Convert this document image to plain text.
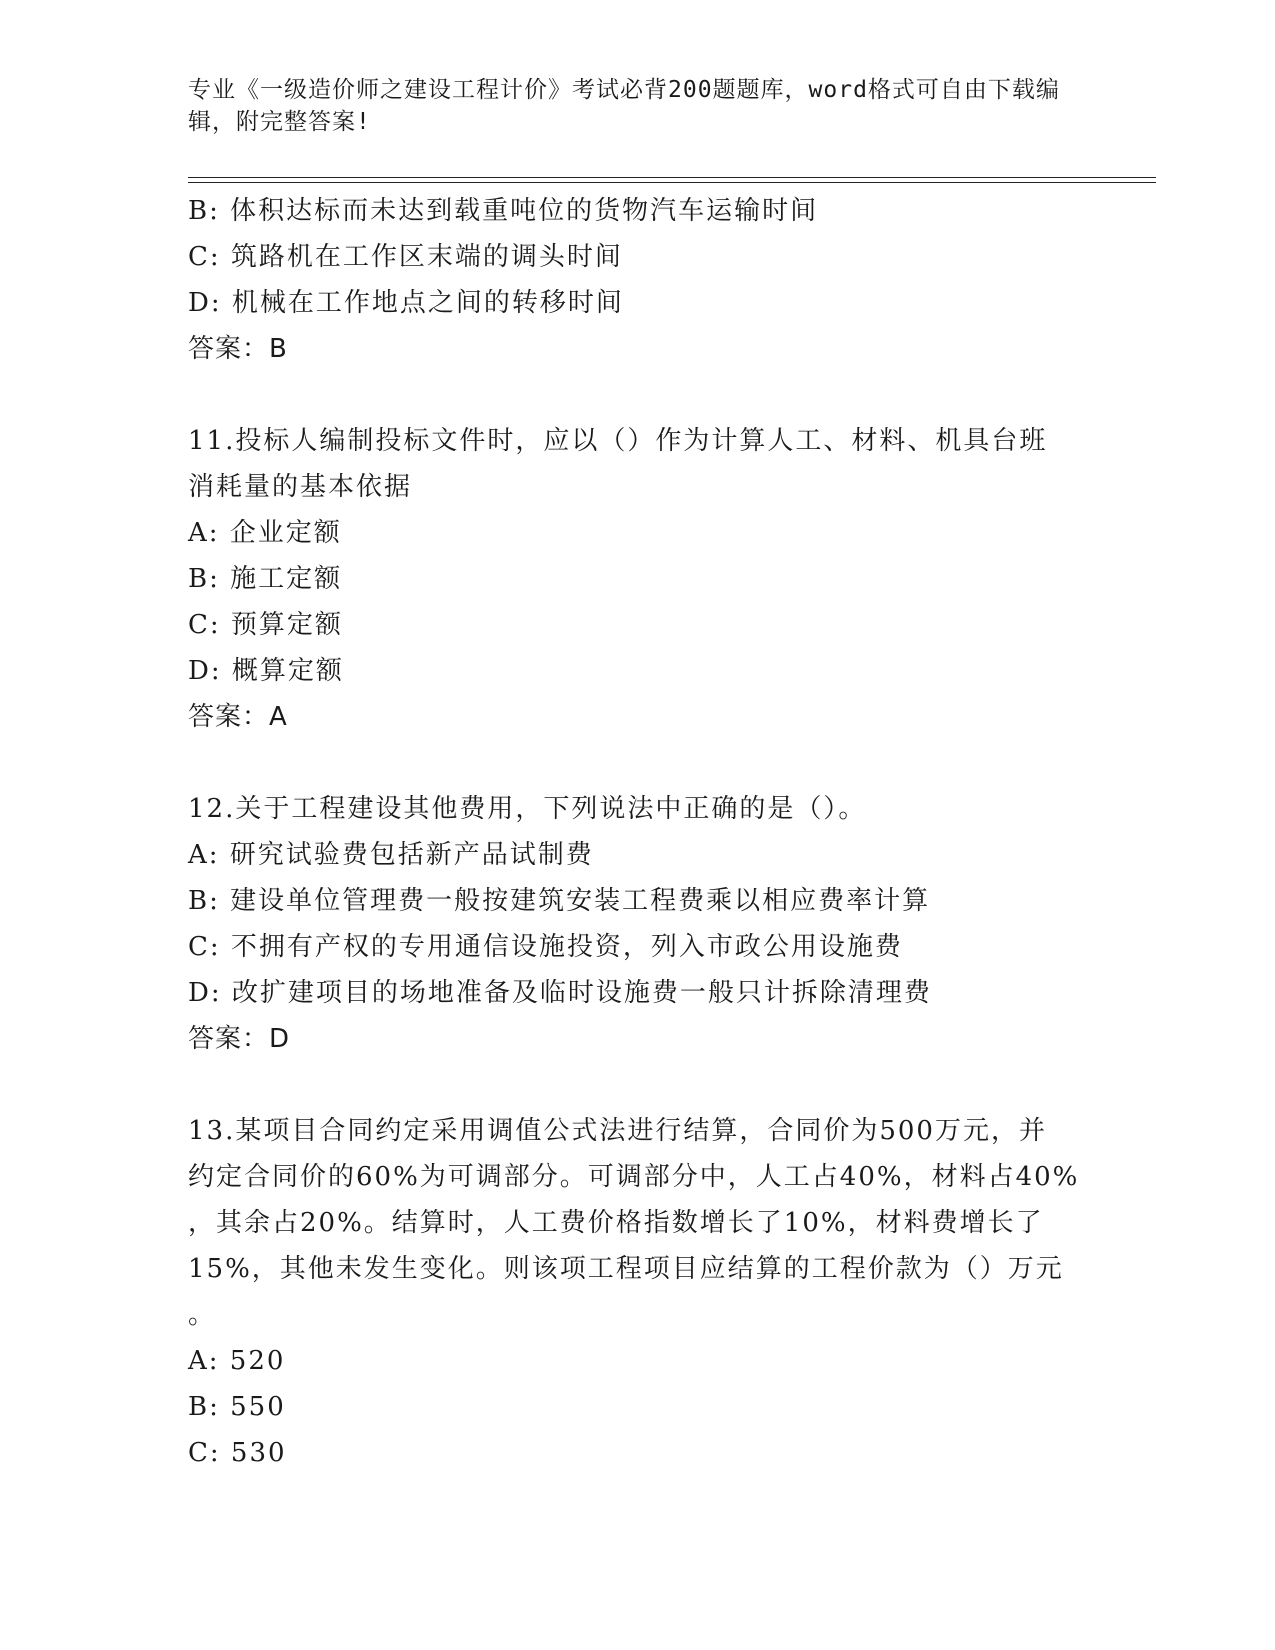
专业《一级造价师之建设工程计价》考试必背200题题库，word格式可自由下载编辑，附完整答案!
B: 体积达标而未达到载重吨位的货物汽车运输时间
C: 筑路机在工作区末端的调头时间
D: 机械在工作地点之间的转移时间
答案：B
11.投标人编制投标文件时，应以（）作为计算人工、材料、机具台班
消耗量的基本依据
A: 企业定额
B: 施工定额
C: 预算定额
D: 概算定额
答案：A
12.关于工程建设其他费用，下列说法中正确的是（）。
A: 研究试验费包括新产品试制费
B: 建设单位管理费一般按建筑安装工程费乘以相应费率计算
C: 不拥有产权的专用通信设施投资，列入市政公用设施费
D: 改扩建项目的场地准备及临时设施费一般只计拆除清理费
答案：D
13.某项目合同约定采用调值公式法进行结算，合同价为500万元，并
约定合同价的60%为可调部分。可调部分中，人工占40%，材料占40%
，其余占20%。结算时，人工费价格指数增长了10%，材料费增长了
15%，其他未发生变化。则该项工程项目应结算的工程价款为（）万元
。
A: 520
B: 550
C: 530
